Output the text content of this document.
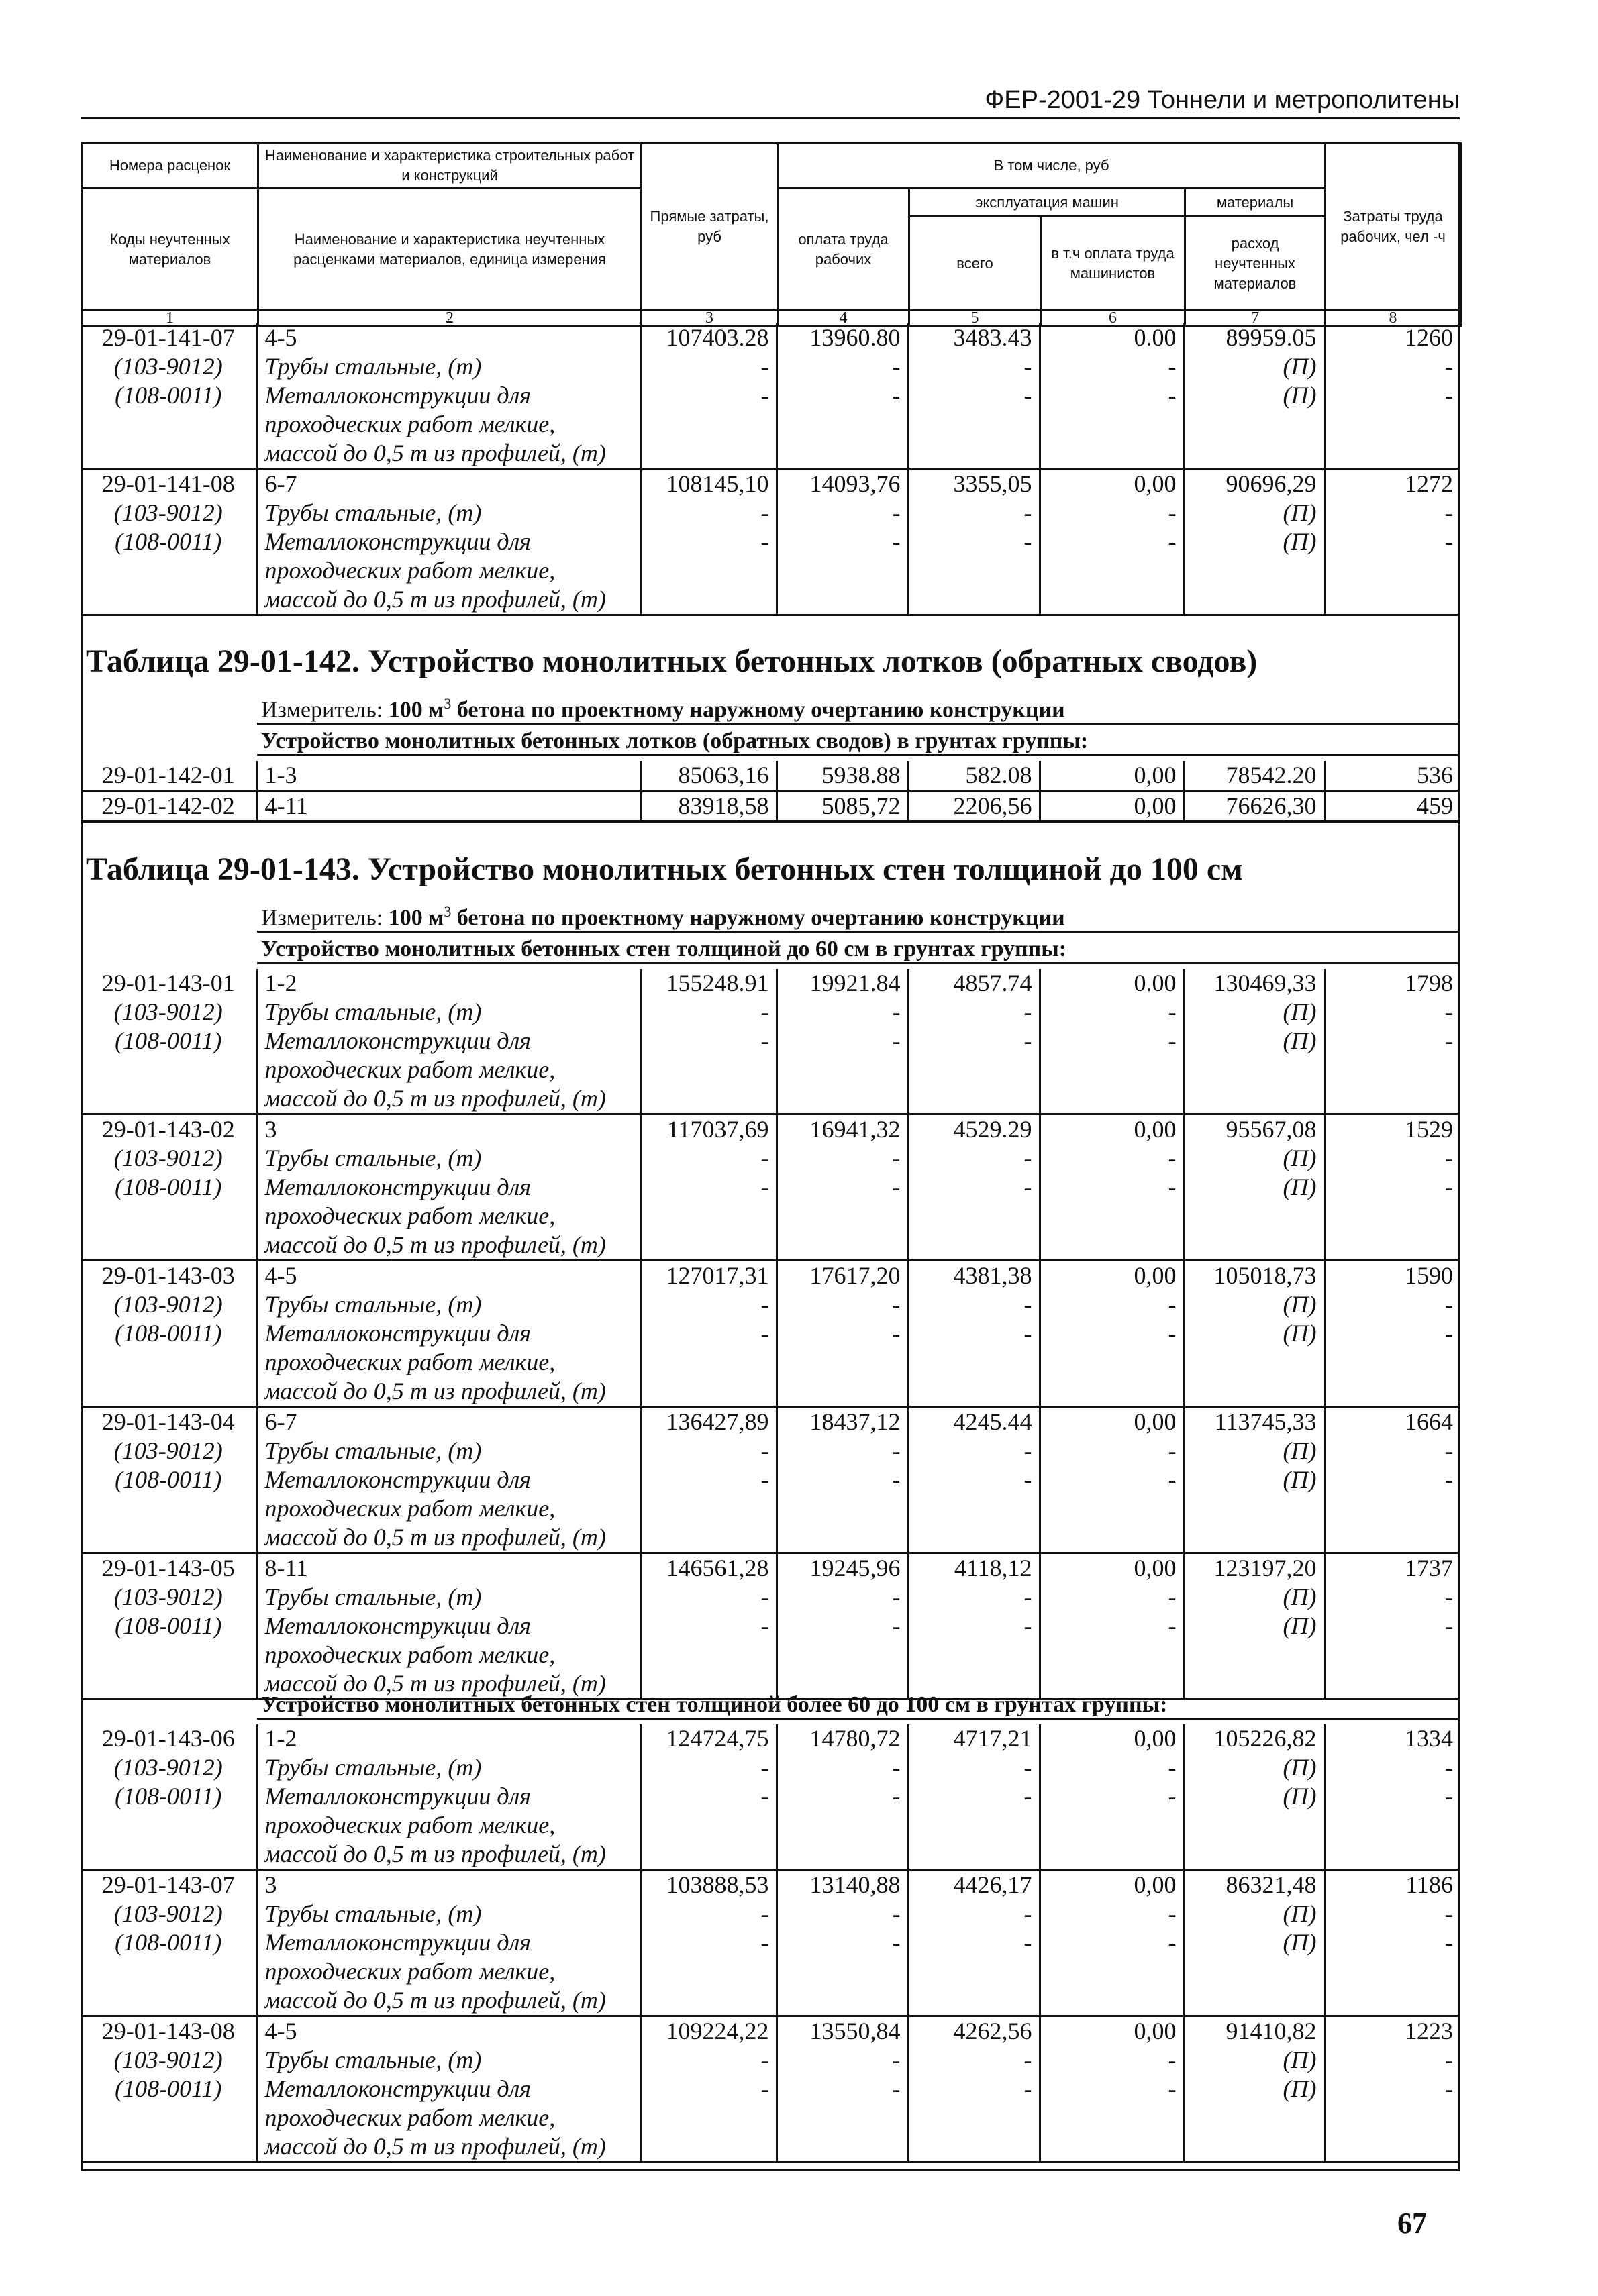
ФЕР-2001-29 Тоннели и метрополитены
Номера расценок	Наименование и характеристика строительных работ и конструкций	Прямые затраты, руб	В том числе, руб				Затраты труда рабочих, чел -ч
Коды неучтенных материалов	Наименование и характеристика неучтенных расценками материалов, единица измерения		оплата труда рабочих	эксплуатация машин		материалы	
				всего	в т.ч оплата труда машинистов	расход неучтенных материалов	
1	2	3	4	5	6	7	8
29-01-141-07	4-5	107403.28	13960.80	3483.43	0.00	89959.05	1260
(103-9012)	Трубы стальные, (т)	-	-	-	-	(П)	-
(108-0011)	Металлоконструкции для	-	-	-	-	(П)	-
	проходческих работ мелкие,						
	массой до 0,5 т из профилей, (т)						
29-01-141-08	6-7	108145,10	14093,76	3355,05	0,00	90696,29	1272
(103-9012)	Трубы стальные, (т)	-	-	-	-	(П)	-
(108-0011)	Металлоконструкции для	-	-	-	-	(П)	-
	проходческих работ мелкие,						
	массой до 0,5 т из профилей, (т)						
Таблица 29-01-142. Устройство монолитных бетонных лотков (обратных сводов)
Измеритель: 100 $м^3$ бетона по проектному наружному очертанию конструкции
Устройство монолитных бетонных лотков (обратных сводов) в грунтах группы:
29-01-142-01	1-3	85063,16	5938.88	582.08	0,00	78542.20	536
29-01-142-02	4-11	83918,58	5085,72	2206,56	0,00	76626,30	459
Таблица 29-01-143. Устройство монолитных бетонных стен толщиной до 100 см
Измеритель: 100 $м^3$ бетона по проектному наружному очертанию конструкции
Устройство монолитных бетонных стен толщиной до 60 см в грунтах группы:
29-01-143-01	1-2	155248.91	19921.84	4857.74	0.00	130469,33	1798
(103-9012)	Трубы стальные, (т)	-	-	-	-	(П)	-
(108-0011)	Металлоконструкции для	-	-	-	-	(П)	-
	проходческих работ мелкие,						
	массой до 0,5 т из профилей, (т)						
29-01-143-02	3	117037,69	16941,32	4529.29	0,00	95567,08	1529
(103-9012)	Трубы стальные, (т)	-	-	-	-	(П)	-
(108-0011)	Металлоконструкции для	-	-	-	-	(П)	-
	проходческих работ мелкие,						
	массой до 0,5 т из профилей, (т)						
29-01-143-03	4-5	127017,31	17617,20	4381,38	0,00	105018,73	1590
(103-9012)	Трубы стальные, (т)	-	-	-	-	(П)	-
(108-0011)	Металлоконструкции для	-	-	-	-	(П)	-
	проходческих работ мелкие,						
	массой до 0,5 т из профилей, (т)						
29-01-143-04	6-7	136427,89	18437,12	4245.44	0,00	113745,33	1664
(103-9012)	Трубы стальные, (т)	-	-	-	-	(П)	-
(108-0011)	Металлоконструкции для	-	-	-	-	(П)	-
	проходческих работ мелкие,						
	массой до 0,5 т из профилей, (т)						
29-01-143-05	8-11	146561,28	19245,96	4118,12	0,00	123197,20	1737
(103-9012)	Трубы стальные, (т)	-	-	-	-	(П)	-
(108-0011)	Металлоконструкции для	-	-	-	-	(П)	-
	проходческих работ мелкие,						
	массой до 0,5 т из профилей, (т)						
Устройство монолитных бетонных стен толщиной более 60 до 100 см в грунтах группы:
29-01-143-06	1-2	124724,75	14780,72	4717,21	0,00	105226,82	1334
(103-9012)	Трубы стальные, (т)	-	-	-	-	(П)	-
(108-0011)	Металлоконструкции для	-	-	-	-	(П)	-
	проходческих работ мелкие,						
	массой до 0,5 т из профилей, (т)						
29-01-143-07	3	103888,53	13140,88	4426,17	0,00	86321,48	1186
(103-9012)	Трубы стальные, (т)	-	-	-	-	(П)	-
(108-0011)	Металлоконструкции для	-	-	-	-	(П)	-
	проходческих работ мелкие,						
	массой до 0,5 т из профилей, (т)						
29-01-143-08	4-5	109224,22	13550,84	4262,56	0,00	91410,82	1223
(103-9012)	Трубы стальные, (т)	-	-	-	-	(П)	-
(108-0011)	Металлоконструкции для	-	-	-	-	(П)	-
	проходческих работ мелкие,						
	массой до 0,5 т из профилей, (т)						
67
